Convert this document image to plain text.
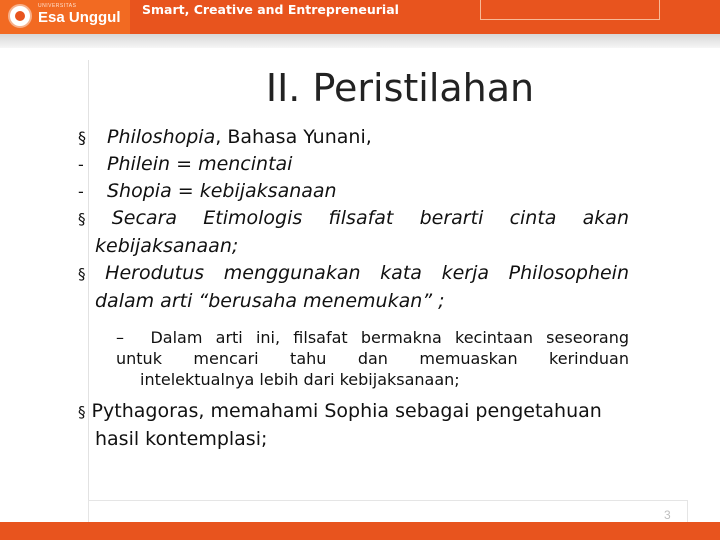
UNIVERSITAS
Esa Unggul Smart, Creative and Entrepreneurial
II. Peristilahan
§	Philoshopia, Bahasa Yunani,
-	Philein = mencintai
-	Shopia = kebijaksanaan
§ Secara Etimologis filsafat berarti cinta akan
kebijaksanaan;
§ Herodutus menggunakan kata kerja Philosophein
dalam arti “berusaha menemukan” ;
– Dalam arti ini, filsafat bermakna kecintaan seseorang
untuk mencari tahu dan memuaskan kerinduan
intelektualnya lebih dari kebijaksanaan;
§ Pythagoras, memahami Sophia sebagai pengetahuan
hasil kontemplasi;
3
